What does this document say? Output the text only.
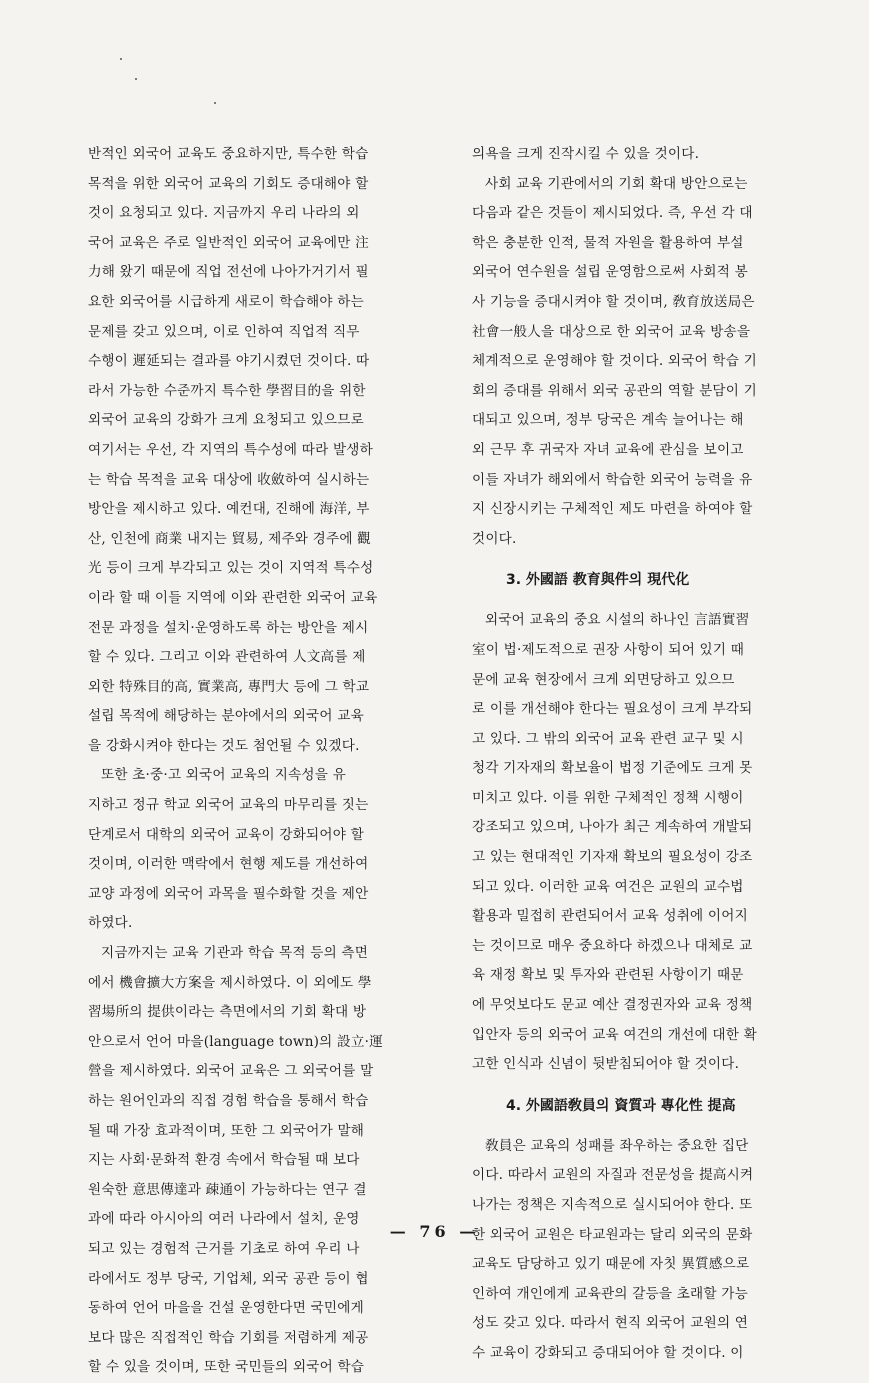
반적인 외국어 교육도 중요하지만, 특수한 학습
목적을 위한 외국어 교육의 기회도 증대해야 할
것이 요청되고 있다. 지금까지 우리 나라의 외
국어 교육은 주로 일반적인 외국어 교육에만 注
力해 왔기 때문에 직업 전선에 나아가거기서 필
요한 외국어를 시급하게 새로이 학습해야 하는
문제를 갖고 있으며, 이로 인하여 직업적 직무
수행이 遲延되는 결과를 야기시켰던 것이다. 따
라서 가능한 수준까지 특수한 學習目的을 위한
외국어 교육의 강화가 크게 요청되고 있으므로
여기서는 우선, 각 지역의 특수성에 따라 발생하
는 학습 목적을 교육 대상에 收斂하여 실시하는
방안을 제시하고 있다. 예컨대, 진해에 海洋, 부
산, 인천에 商業 내지는 貿易, 제주와 경주에 觀
光 등이 크게 부각되고 있는 것이 지역적 특수성
이라 할 때 이들 지역에 이와 관련한 외국어 교육
전문 과정을 설치·운영하도록 하는 방안을 제시
할 수 있다. 그리고 이와 관련하여 人文高를 제
외한 特殊目的高, 實業高, 專門大 등에 그 학교
설립 목적에 해당하는 분야에서의 외국어 교육
을 강화시켜야 한다는 것도 첨언될 수 있겠다.
또한 초·중·고 외국어 교육의 지속성을 유
지하고 정규 학교 외국어 교육의 마무리를 짓는
단계로서 대학의 외국어 교육이 강화되어야 할
것이며, 이러한 맥락에서 현행 제도를 개선하여
교양 과정에 외국어 과목을 필수화할 것을 제안
하였다.
지금까지는 교육 기관과 학습 목적 등의 측면
에서 機會擴大方案을 제시하였다. 이 외에도 學
習場所의 提供이라는 측면에서의 기회 확대 방
안으로서 언어 마을(language town)의 設立·運
營을 제시하였다. 외국어 교육은 그 외국어를 말
하는 원어인과의 직접 경험 학습을 통해서 학습
될 때 가장 효과적이며, 또한 그 외국어가 말해
지는 사회·문화적 환경 속에서 학습될 때 보다
원숙한 意思傳達과 疎通이 가능하다는 연구 결
과에 따라 아시아의 여러 나라에서 설치, 운영
되고 있는 경험적 근거를 기초로 하여 우리 나
라에서도 정부 당국, 기업체, 외국 공관 등이 협
동하여 언어 마을을 건설 운영한다면 국민에게
보다 많은 직접적인 학습 기회를 저렴하게 제공
할 수 있을 것이며, 또한 국민들의 외국어 학습
의욕을 크게 진작시킬 수 있을 것이다.
사회 교육 기관에서의 기회 확대 방안으로는
다음과 같은 것들이 제시되었다. 즉, 우선 각 대
학은 충분한 인적, 물적 자원을 활용하여 부설
외국어 연수원을 설립 운영함으로써 사회적 봉
사 기능을 증대시켜야 할 것이며, 敎育放送局은
社會一般人을 대상으로 한 외국어 교육 방송을
체계적으로 운영해야 할 것이다. 외국어 학습 기
회의 증대를 위해서 외국 공관의 역할 분담이 기
대되고 있으며, 정부 당국은 계속 늘어나는 해
외 근무 후 귀국자 자녀 교육에 관심을 보이고
이들 자녀가 해외에서 학습한 외국어 능력을 유
지 신장시키는 구체적인 제도 마련을 하여야 할
것이다.
3. 外國語 教育與件의 現代化
외국어 교육의 중요 시설의 하나인 言語實習
室이 법·제도적으로 권장 사항이 되어 있기 때
문에 교육 현장에서 크게 외면당하고 있으므
로 이를 개선해야 한다는 필요성이 크게 부각되
고 있다. 그 밖의 외국어 교육 관련 교구 및 시
청각 기자재의 확보율이 법정 기준에도 크게 못
미치고 있다. 이를 위한 구체적인 정책 시행이
강조되고 있으며, 나아가 최근 계속하여 개발되
고 있는 현대적인 기자재 확보의 필요성이 강조
되고 있다. 이러한 교육 여건은 교원의 교수법
활용과 밀접히 관련되어서 교육 성취에 이어지
는 것이므로 매우 중요하다 하겠으나 대체로 교
육 재정 확보 및 투자와 관련된 사항이기 때문
에 무엇보다도 문교 예산 결정권자와 교육 정책
입안자 등의 외국어 교육 여건의 개선에 대한 확
고한 인식과 신념이 뒷받침되어야 할 것이다.
4. 外國語敎員의 資質과 專化性 提高
敎員은 교육의 성패를 좌우하는 중요한 집단
이다. 따라서 교원의 자질과 전문성을 提高시켜
나가는 정책은 지속적으로 실시되어야 한다. 또
한 외국어 교원은 타교원과는 달리 외국의 문화
교육도 담당하고 있기 때문에 자칫 異質感으로
인하여 개인에게 교육관의 갈등을 초래할 가능
성도 갖고 있다. 따라서 현직 외국어 교원의 연
수 교육이 강화되고 증대되어야 할 것이다. 이
— 76 —
